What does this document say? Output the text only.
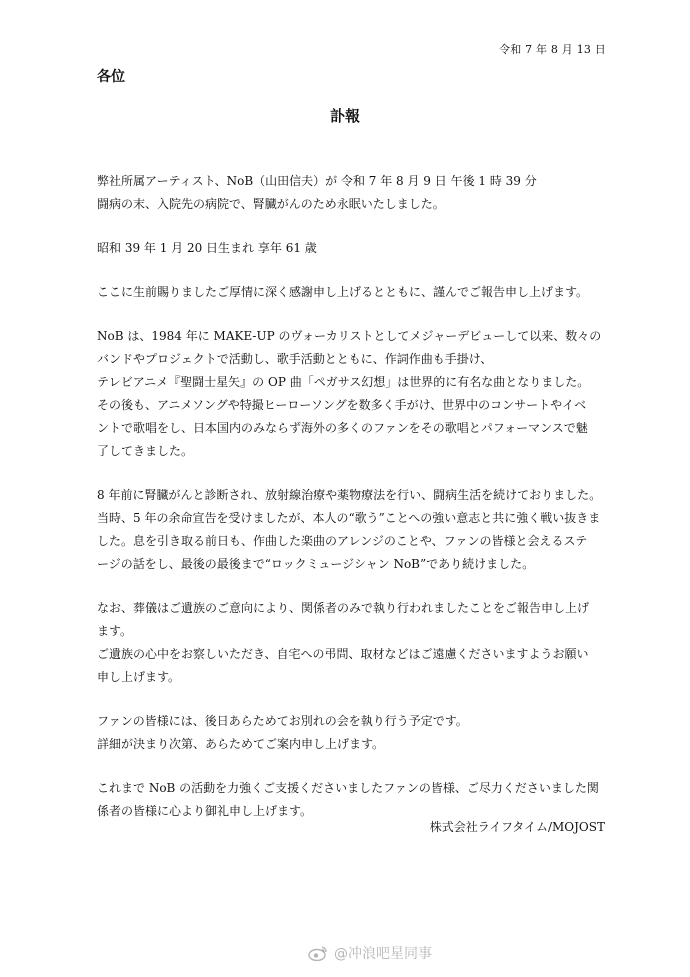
令和 7 年 8 月 13 日
各位
訃報
弊社所属アーティスト、NoB（山田信夫）が 令和 7 年 8 月 9 日 午後 1 時 39 分
闘病の末、入院先の病院で、腎臓がんのため永眠いたしました。
昭和 39 年 1 月 20 日生まれ 享年 61 歳
ここに生前賜りましたご厚情に深く感謝申し上げるとともに、謹んでご報告申し上げます。
NoB は、1984 年に MAKE-UP のヴォーカリストとしてメジャーデビューして以来、数々の
バンドやプロジェクトで活動し、歌手活動とともに、作詞作曲も手掛け、
テレビアニメ『聖闘士星矢』の OP 曲「ペガサス幻想」は世界的に有名な曲となりました。
その後も、アニメソングや特撮ヒーローソングを数多く手がけ、世界中のコンサートやイベ
ントで歌唱をし、日本国内のみならず海外の多くのファンをその歌唱とパフォーマンスで魅
了してきました。
8 年前に腎臓がんと診断され、放射線治療や薬物療法を行い、闘病生活を続けておりました。
当時、5 年の余命宣告を受けましたが、本人の“歌う”ことへの強い意志と共に強く戦い抜きま
した。息を引き取る前日も、作曲した楽曲のアレンジのことや、ファンの皆様と会えるステ
ージの話をし、最後の最後まで“ロックミュージシャン NoB”であり続けました。
なお、葬儀はご遺族のご意向により、関係者のみで執り行われましたことをご報告申し上げ
ます。
ご遺族の心中をお察しいただき、自宅への弔問、取材などはご遠慮くださいますようお願い
申し上げます。
ファンの皆様には、後日あらためてお別れの会を執り行う予定です。
詳細が決まり次第、あらためてご案内申し上げます。
これまで NoB の活動を力強くご支援くださいましたファンの皆様、ご尽力くださいました関
係者の皆様に心より御礼申し上げます。
株式会社ライフタイム/MOJOST
@冲浪吧星同事
